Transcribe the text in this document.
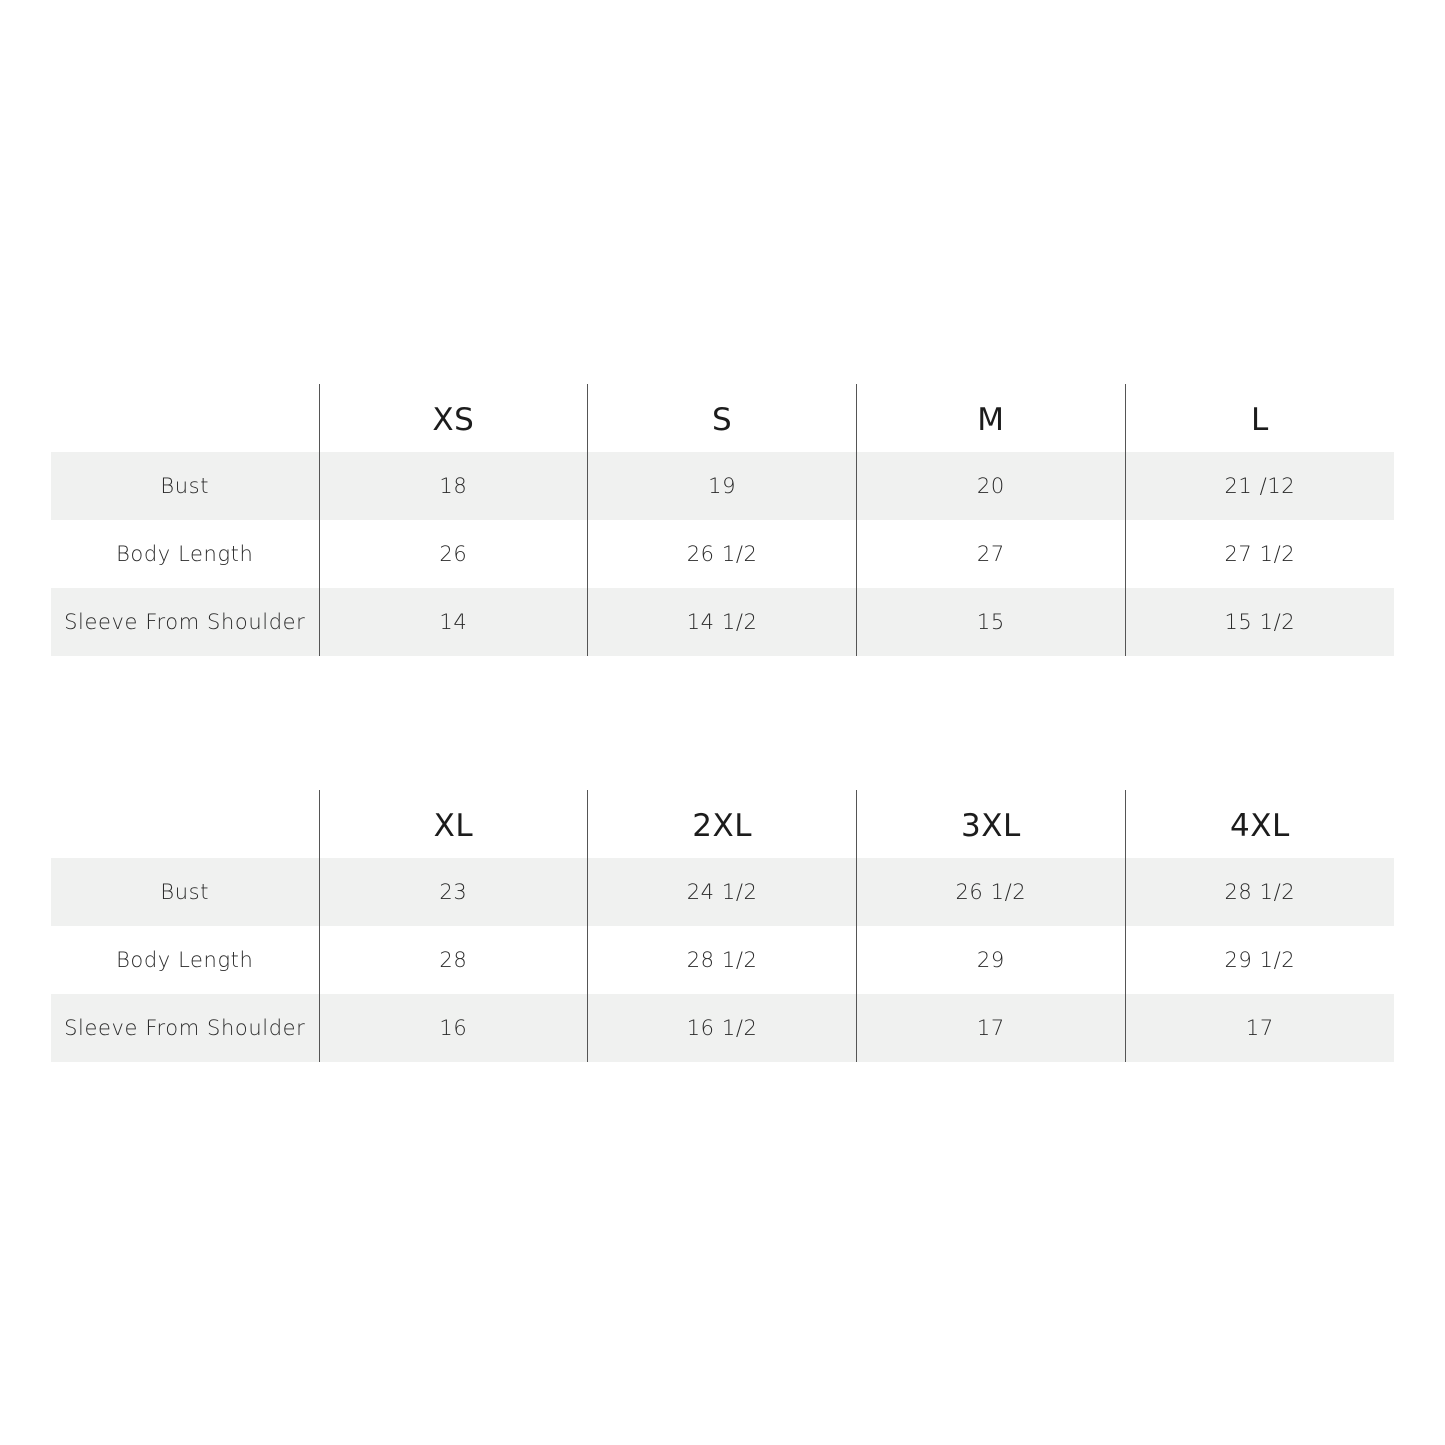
	XS	S	M	L
Bust	18	19	20	21 /12
Body Length	26	26 1/2	27	27 1/2
Sleeve From Shoulder	14	14 1/2	15	15 1/2
	XL	2XL	3XL	4XL
Bust	23	24 1/2	26 1/2	28 1/2
Body Length	28	28 1/2	29	29 1/2
Sleeve From Shoulder	16	16 1/2	17	17
